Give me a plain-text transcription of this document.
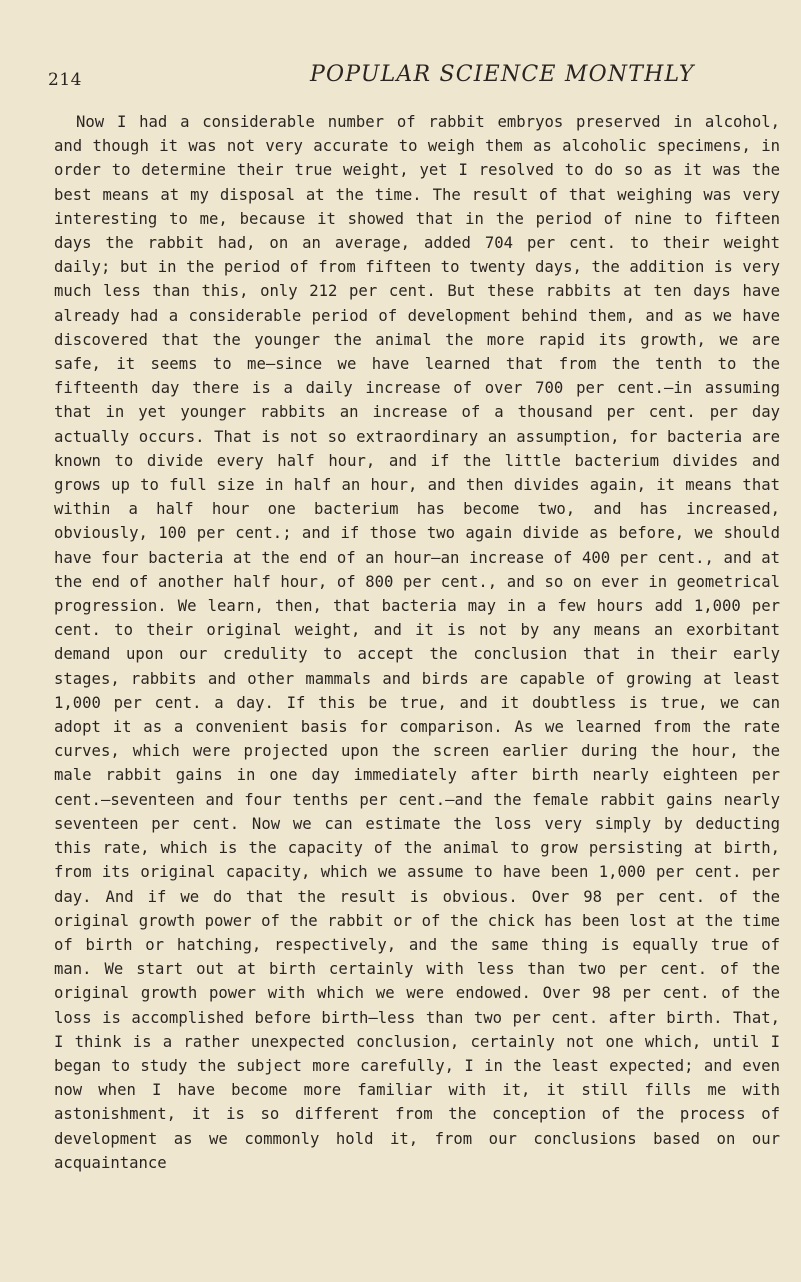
214	POPULAR SCIENCE MONTHLY

Now I had a considerable number of rabbit embryos preserved in alcohol, and though it was not very accurate to weigh them as alcoholic specimens, in order to determine their true weight, yet I resolved to do so as it was the best means at my disposal at the time. The result of that weighing was very interesting to me, because it showed that in the period of nine to fifteen days the rabbit had, on an average, added 704 per cent. to their weight daily; but in the period of from fifteen to twenty days, the addition is very much less than this, only 212 per cent. But these rabbits at ten days have already had a considerable period of development behind them, and as we have discovered that the younger the animal the more rapid its growth, we are safe, it seems to me—since we have learned that from the tenth to the fifteenth day there is a daily increase of over 700 per cent.—in assuming that in yet younger rabbits an increase of a thousand per cent. per day actually occurs. That is not so extraordinary an assumption, for bacteria are known to divide every half hour, and if the little bacterium divides and grows up to full size in half an hour, and then divides again, it means that within a half hour one bacterium has become two, and has increased, obviously, 100 per cent.; and if those two again divide as before, we should have four bacteria at the end of an hour—an increase of 400 per cent., and at the end of another half hour, of 800 per cent., and so on ever in geometrical progression. We learn, then, that bacteria may in a few hours add 1,000 per cent. to their original weight, and it is not by any means an exorbitant demand upon our credulity to accept the conclusion that in their early stages, rabbits and other mammals and birds are capable of growing at least 1,000 per cent. a day. If this be true, and it doubtless is true, we can adopt it as a convenient basis for comparison. As we learned from the rate curves, which were projected upon the screen earlier during the hour, the male rabbit gains in one day immediately after birth nearly eighteen per cent.—seventeen and four tenths per cent.—and the female rabbit gains nearly seventeen per cent. Now we can estimate the loss very simply by deducting this rate, which is the capacity of the animal to grow persisting at birth, from its original capacity, which we assume to have been 1,000 per cent. per day. And if we do that the result is obvious. Over 98 per cent. of the original growth power of the rabbit or of the chick has been lost at the time of birth or hatching, respectively, and the same thing is equally true of man. We start out at birth certainly with less than two per cent. of the original growth power with which we were endowed. Over 98 per cent. of the loss is accomplished before birth—less than two per cent. after birth. That, I think is a rather unexpected conclusion, certainly not one which, until I began to study the subject more carefully, I in the least expected; and even now when I have become more familiar with it, it still fills me with astonishment, it is so different from the conception of the process of development as we commonly hold it, from our conclusions based on our acquaintance
